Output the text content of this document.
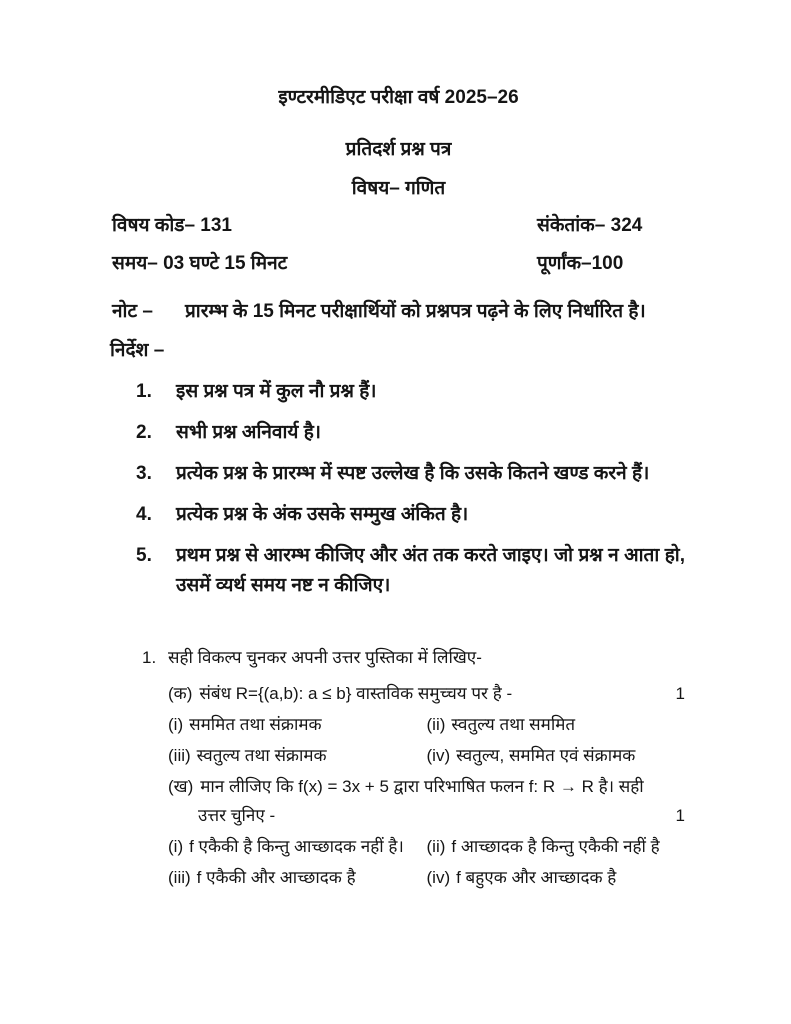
इण्टरमीडिएट परीक्षा वर्ष 2025–26
प्रतिदर्श प्रश्न पत्र
विषय– गणित
विषय कोड– 131	संकेतांक– 324
समय– 03 घण्टे 15 मिनट	पूर्णांक–100
नोट –	प्रारम्भ के 15 मिनट परीक्षार्थियों को प्रश्नपत्र पढ़ने के लिए निर्धारित है।
निर्देश –
1.	इस प्रश्न पत्र में कुल नौ प्रश्न हैं।
2.	सभी प्रश्न अनिवार्य है।
3.	प्रत्येक प्रश्न के प्रारम्भ में स्पष्ट उल्लेख है कि उसके कितने खण्ड करने हैं।
4.	प्रत्येक प्रश्न के अंक उसके सम्मुख अंकित है।
5.	प्रथम प्रश्न से आरम्भ कीजिए और अंत तक करते जाइए। जो प्रश्न न आता हो, उसमें व्यर्थ समय नष्ट न कीजिए।
1. सही विकल्प चुनकर अपनी उत्तर पुस्तिका में लिखिए-
(क) संबंध R={(a,b): a ≤ b} वास्तविक समुच्चय पर है -	1
(i) सममित तथा संक्रामक	(ii) स्वतुल्य तथा सममित
(iii) स्वतुल्य तथा संक्रामक	(iv) स्वतुल्य, सममित एवं संक्रामक
(ख) मान लीजिए कि f(x) = 3x + 5 द्वारा परिभाषित फलन f: R → R है। सही
उत्तर चुनिए -	1
(i) f एकैकी है किन्तु आच्छादक नहीं है।	(ii) f आच्छादक है किन्तु एकैकी नहीं है
(iii) f एकैकी और आच्छादक है	(iv) f बहुएक और आच्छादक है
